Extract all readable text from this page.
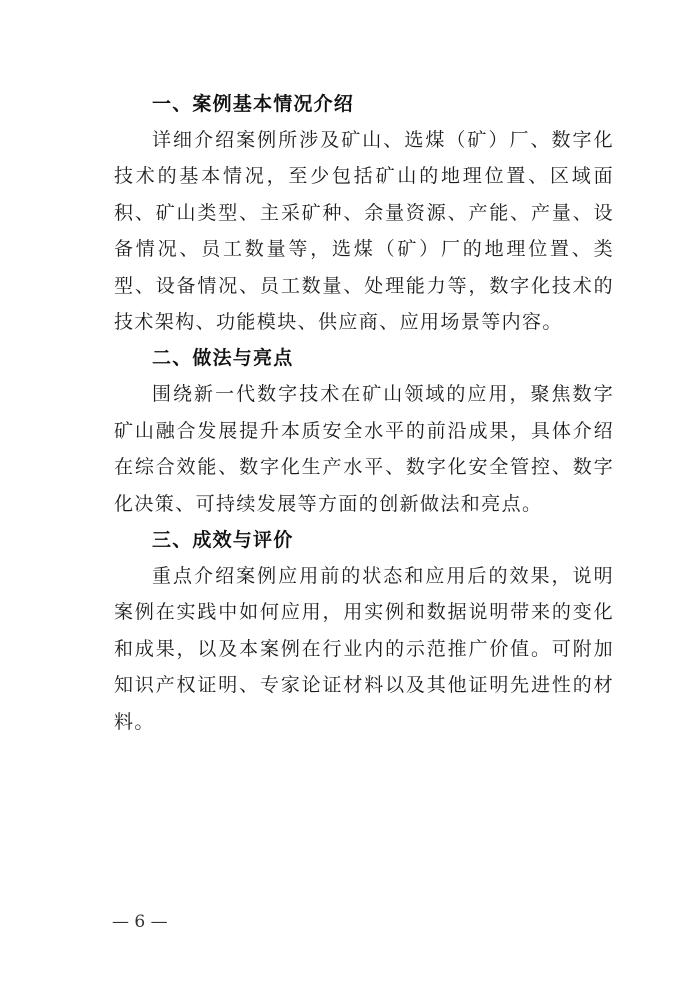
一、案例基本情况介绍

详细介绍案例所涉及矿山、选煤（矿）厂、数字化技术的基本情况，至少包括矿山的地理位置、区域面积、矿山类型、主采矿种、余量资源、产能、产量、设备情况、员工数量等，选煤（矿）厂的地理位置、类型、设备情况、员工数量、处理能力等，数字化技术的技术架构、功能模块、供应商、应用场景等内容。

二、做法与亮点

围绕新一代数字技术在矿山领域的应用，聚焦数字矿山融合发展提升本质安全水平的前沿成果，具体介绍在综合效能、数字化生产水平、数字化安全管控、数字化决策、可持续发展等方面的创新做法和亮点。

三、成效与评价

重点介绍案例应用前的状态和应用后的效果，说明案例在实践中如何应用，用实例和数据说明带来的变化和成果，以及本案例在行业内的示范推广价值。可附加知识产权证明、专家论证材料以及其他证明先进性的材料。

— 6 —
